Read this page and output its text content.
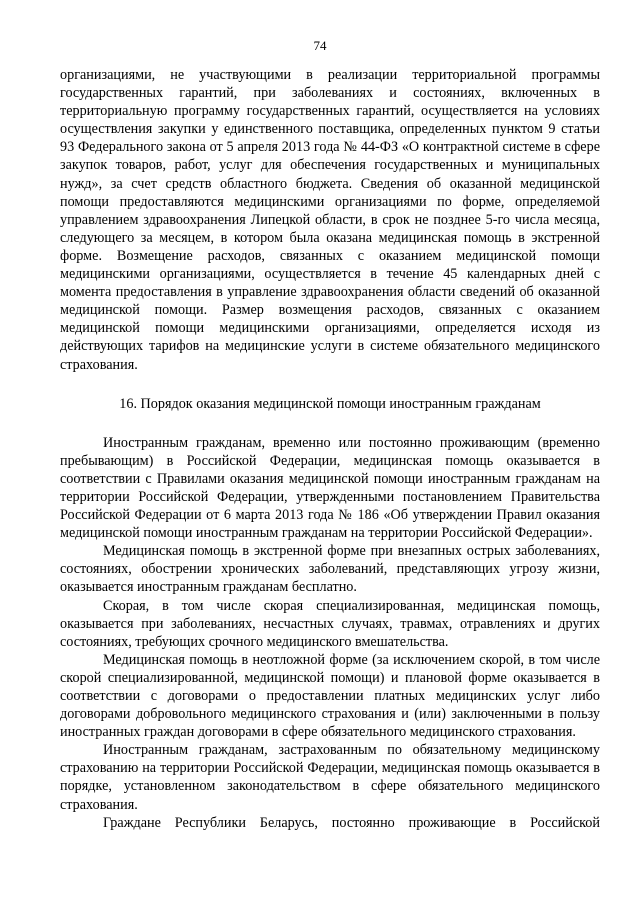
74

организациями, не участвующими в реализации территориальной программы государственных гарантий, при заболеваниях и состояниях, включенных в территориальную программу государственных гарантий, осуществляется на условиях осуществления закупки у единственного поставщика, определенных пунктом 9 статьи 93 Федерального закона от 5 апреля 2013 года № 44-ФЗ «О контрактной системе в сфере закупок товаров, работ, услуг для обеспечения государственных и муниципальных нужд», за счет средств областного бюджета. Сведения об оказанной медицинской помощи предоставляются медицинскими организациями по форме, определяемой управлением здравоохранения Липецкой области, в срок не позднее 5-го числа месяца, следующего за месяцем, в котором была оказана медицинская помощь в экстренной форме. Возмещение расходов, связанных с оказанием медицинской помощи медицинскими организациями, осуществляется в течение 45 календарных дней с момента предоставления в управление здравоохранения области сведений об оказанной медицинской помощи. Размер возмещения расходов, связанных с оказанием медицинской помощи медицинскими организациями, определяется исходя из действующих тарифов на медицинские услуги в системе обязательного медицинского страхования.

16. Порядок оказания медицинской помощи иностранным гражданам

Иностранным гражданам, временно или постоянно проживающим (временно пребывающим) в Российской Федерации, медицинская помощь оказывается в соответствии с Правилами оказания медицинской помощи иностранным гражданам на территории Российской Федерации, утвержденными постановлением Правительства Российской Федерации от 6 марта 2013 года № 186 «Об утверждении Правил оказания медицинской помощи иностранным гражданам на территории Российской Федерации».

Медицинская помощь в экстренной форме при внезапных острых заболеваниях, состояниях, обострении хронических заболеваний, представляющих угрозу жизни, оказывается иностранным гражданам бесплатно.

Скорая, в том числе скорая специализированная, медицинская помощь, оказывается при заболеваниях, несчастных случаях, травмах, отравлениях и других состояниях, требующих срочного медицинского вмешательства.

Медицинская помощь в неотложной форме (за исключением скорой, в том числе скорой специализированной, медицинской помощи) и плановой форме оказывается в соответствии с договорами о предоставлении платных медицинских услуг либо договорами добровольного медицинского страхования и (или) заключенными в пользу иностранных граждан договорами в сфере обязательного медицинского страхования.

Иностранным гражданам, застрахованным по обязательному медицинскому страхованию на территории Российской Федерации, медицинская помощь оказывается в порядке, установленном законодательством в сфере обязательного медицинского страхования.

Граждане Республики Беларусь, постоянно проживающие в Российской
